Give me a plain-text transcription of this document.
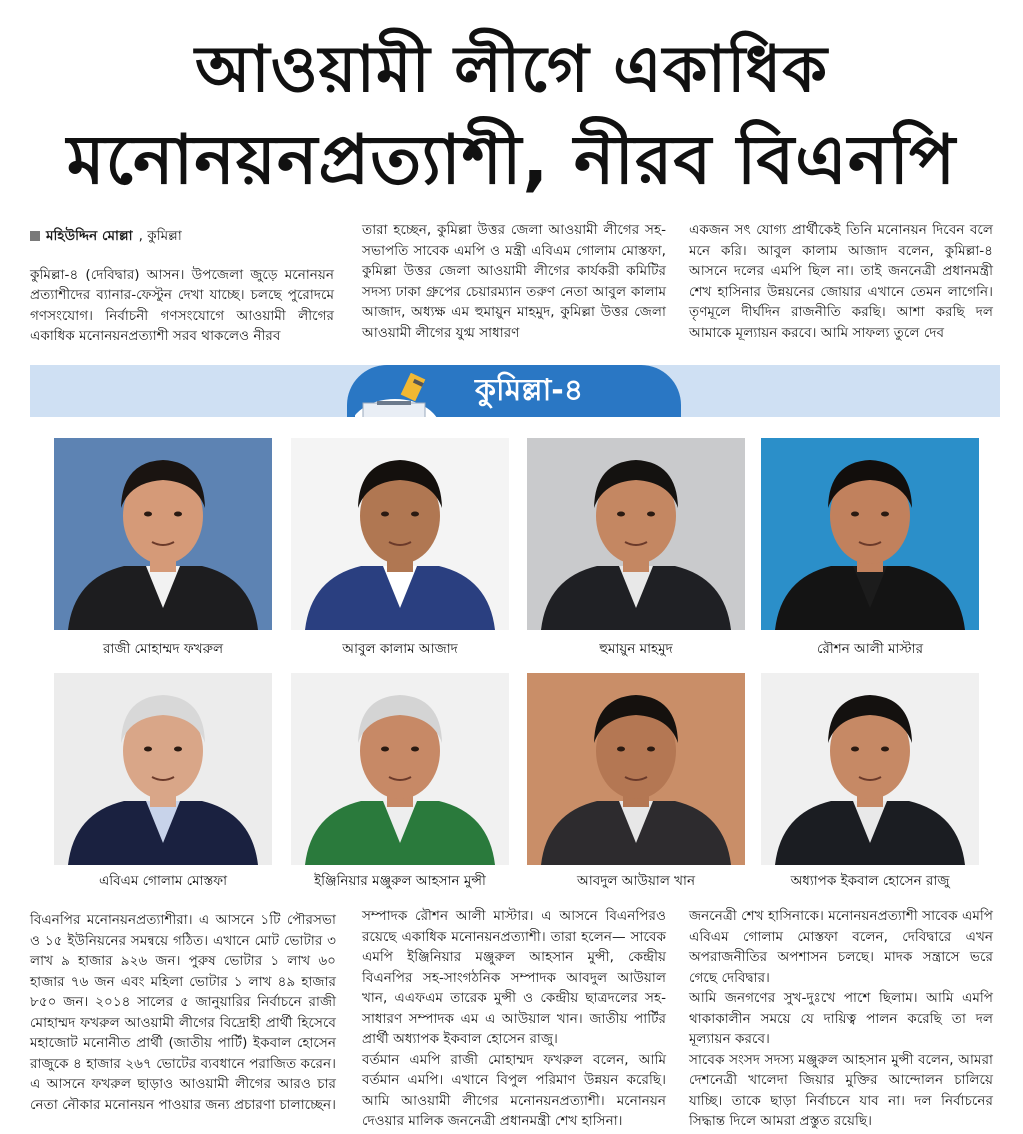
আওয়ামী লীগে একাধিক
মনোনয়নপ্রত্যাশী, নীরব বিএনপি
মহিউদ্দিন মোল্লা , কুমিল্লা

কুমিল্লা-৪ (দেবিদ্বার) আসন। উপজেলা জুড়ে মনোনয়ন প্রত্যাশীদের ব্যানার-ফেস্টুন দেখা যাচ্ছে। চলছে পুরোদমে গণসংযোগ। নির্বাচনী গণসংযোগে আওয়ামী লীগের একাধিক মনোনয়নপ্রত্যাশী সরব থাকলেও নীরব

তারা হচ্ছেন, কুমিল্লা উত্তর জেলা আওয়ামী লীগের সহ-সভাপতি সাবেক এমপি ও মন্ত্রী এবিএম গোলাম মোস্তফা, কুমিল্লা উত্তর জেলা আওয়ামী লীগের কার্যকরী কমিটির সদস্য ঢাকা গ্রুপের চেয়ারম্যান তরুণ নেতা আবুল কালাম আজাদ, অধ্যক্ষ এম হুমায়ুন মাহমুদ, কুমিল্লা উত্তর জেলা আওয়ামী লীগের যুগ্ম সাধারণ

একজন সৎ যোগ্য প্রার্থীকেই তিনি মনোনয়ন দিবেন বলে মনে করি। আবুল কালাম আজাদ বলেন, কুমিল্লা-৪ আসনে দলের এমপি ছিল না। তাই জননেত্রী প্রধানমন্ত্রী শেখ হাসিনার উন্নয়নের জোয়ার এখানে তেমন লাগেনি। তৃণমূলে দীর্ঘদিন রাজনীতি করছি। আশা করছি দল আমাকে মূল্যায়ন করবে। আমি সাফল্য তুলে দেব

কুমিল্লা-৪
রাজী মোহাম্মদ ফখরুল	আবুল কালাম আজাদ	হুমায়ুন মাহমুদ	রৌশন আলী মাস্টার
এবিএম গোলাম মোস্তফা	ইঞ্জিনিয়ার মঞ্জুরুল আহসান মুন্সী	আবদুল আউয়াল খান	অধ্যাপক ইকবাল হোসেন রাজু

বিএনপির মনোনয়নপ্রত্যাশীরা। এ আসনে ১টি পৌরসভা ও ১৫ ইউনিয়নের সমন্বয়ে গঠিত। এখানে মোট ভোটার ৩ লাখ ৯ হাজার ৯২৬ জন। পুরুষ ভোটার ১ লাখ ৬০ হাজার ৭৬ জন এবং মহিলা ভোটার ১ লাখ ৪৯ হাজার ৮৫০ জন। ২০১৪ সালের ৫ জানুয়ারির নির্বাচনে রাজী মোহাম্মদ ফখরুল আওয়ামী লীগের বিদ্রোহী প্রার্থী হিসেবে মহাজোট মনোনীত প্রার্থী (জাতীয় পার্টি) ইকবাল হোসেন রাজুকে ৪ হাজার ২৬৭ ভোটের ব্যবধানে পরাজিত করেন। এ আসনে ফখরুল ছাড়াও আওয়ামী লীগের আরও চার নেতা নৌকার মনোনয়ন পাওয়ার জন্য প্রচারণা চালাচ্ছেন।

সম্পাদক রৌশন আলী মাস্টার। এ আসনে বিএনপিরও রয়েছে একাধিক মনোনয়নপ্রত্যাশী। তারা হলেন— সাবেক এমপি ইঞ্জিনিয়ার মঞ্জুরুল আহসান মুন্সী, কেন্দ্রীয় বিএনপির সহ-সাংগঠনিক সম্পাদক আবদুল আউয়াল খান, এএফএম তারেক মুন্সী ও কেন্দ্রীয় ছাত্রদলের সহ-সাধারণ সম্পাদক এম এ আউয়াল খান। জাতীয় পার্টির প্রার্থী অধ্যাপক ইকবাল হোসেন রাজু।

বর্তমান এমপি রাজী মোহাম্মদ ফখরুল বলেন, আমি বর্তমান এমপি। এখানে বিপুল পরিমাণ উন্নয়ন করেছি। আমি আওয়ামী লীগের মনোনয়নপ্রত্যাশী। মনোনয়ন দেওয়ার মালিক জননেত্রী প্রধানমন্ত্রী শেখ হাসিনা।

জননেত্রী শেখ হাসিনাকে। মনোনয়নপ্রত্যাশী সাবেক এমপি এবিএম গোলাম মোস্তফা বলেন, দেবিদ্বারে এখন অপরাজনীতির অপশাসন চলছে। মাদক সন্ত্রাসে ভরে গেছে দেবিদ্বার।

আমি জনগণের সুখ-দুঃখে পাশে ছিলাম। আমি এমপি থাকাকালীন সময়ে যে দায়িত্ব পালন করেছি তা দল মূল্যায়ন করবে।

সাবেক সংসদ সদস্য মঞ্জুরুল আহসান মুন্সী বলেন, আমরা দেশনেত্রী খালেদা জিয়ার মুক্তির আন্দোলন চালিয়ে যাচ্ছি। তাকে ছাড়া নির্বাচনে যাব না। দল নির্বাচনের সিদ্ধান্ত দিলে আমরা প্রস্তুত রয়েছি।
